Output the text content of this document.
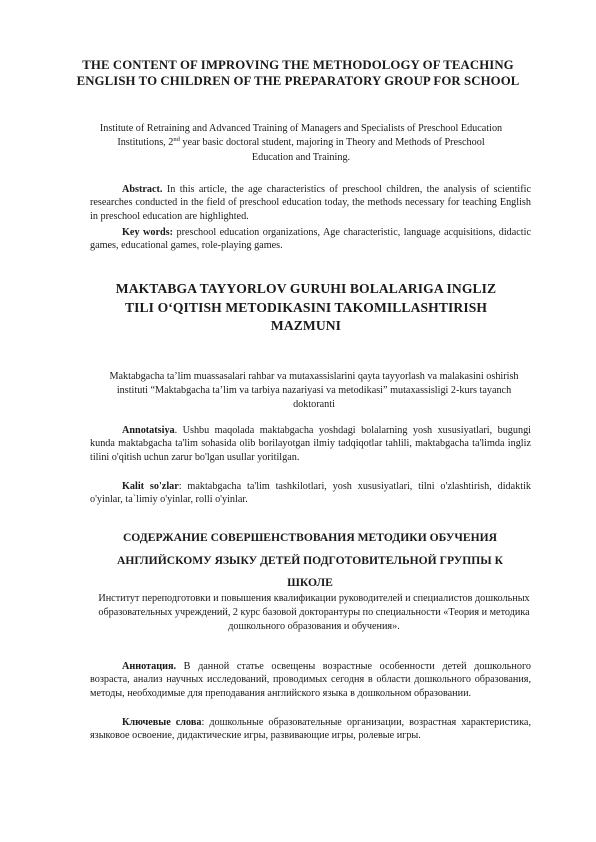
THE CONTENT OF IMPROVING THE METHODOLOGY OF TEACHING ENGLISH TO CHILDREN OF THE PREPARATORY GROUP FOR SCHOOL
Institute of Retraining and Advanced Training of Managers and Specialists of Preschool Education Institutions, 2nd year basic doctoral student, majoring in Theory and Methods of Preschool Education and Training.
Abstract. In this article, the age characteristics of preschool children, the analysis of scientific researches conducted in the field of preschool education today, the methods necessary for teaching English in preschool education are highlighted.
Key words: preschool education organizations, Age characteristic, language acquisitions, didactic games, educational games, role-playing games.
MAKTABGA TAYYORLOV GURUHI BOLALARIGA INGLIZ TILI O‘QITISH METODIKASINI TAKOMILLASHTIRISH MAZMUNI
Maktabgacha ta’lim muassasalari rahbar va mutaxassislarini qayta tayyorlash va malakasini oshirish instituti “Maktabgacha ta’lim va tarbiya nazariyasi va metodikasi” mutaxassisligi 2-kurs tayanch doktoranti
Annotatsiya. Ushbu maqolada maktabgacha yoshdagi bolalarning yosh xususiyatlari, bugungi kunda maktabgacha ta'lim sohasida olib borilayotgan ilmiy tadqiqotlar tahlili, maktabgacha ta'limda ingliz tilini o'qitish uchun zarur bo'lgan usullar yoritilgan.
Kalit so'zlar: maktabgacha ta'lim tashkilotlari, yosh xususiyatlari, tilni o'zlashtirish, didaktik o'yinlar, ta`limiy o'yinlar, rolli o'yinlar.
СОДЕРЖАНИЕ СОВЕРШЕНСТВОВАНИЯ МЕТОДИКИ ОБУЧЕНИЯ АНГЛИЙСКОМУ ЯЗЫКУ ДЕТЕЙ ПОДГОТОВИТЕЛЬНОЙ ГРУППЫ К ШКОЛЕ
Институт переподготовки и повышения квалификации руководителей и специалистов дошкольных образовательных учреждений, 2 курс базовой докторантуры по специальности «Теория и методика дошкольного образования и обучения».
Аннотация. В данной статье освещены возрастные особенности детей дошкольного возраста, анализ научных исследований, проводимых сегодня в области дошкольного образования, методы, необходимые для преподавания английского языка в дошкольном образовании.
Ключевые слова: дошкольные образовательные организации, возрастная характеристика, языковое освоение, дидактические игры, развивающие игры, ролевые игры.
